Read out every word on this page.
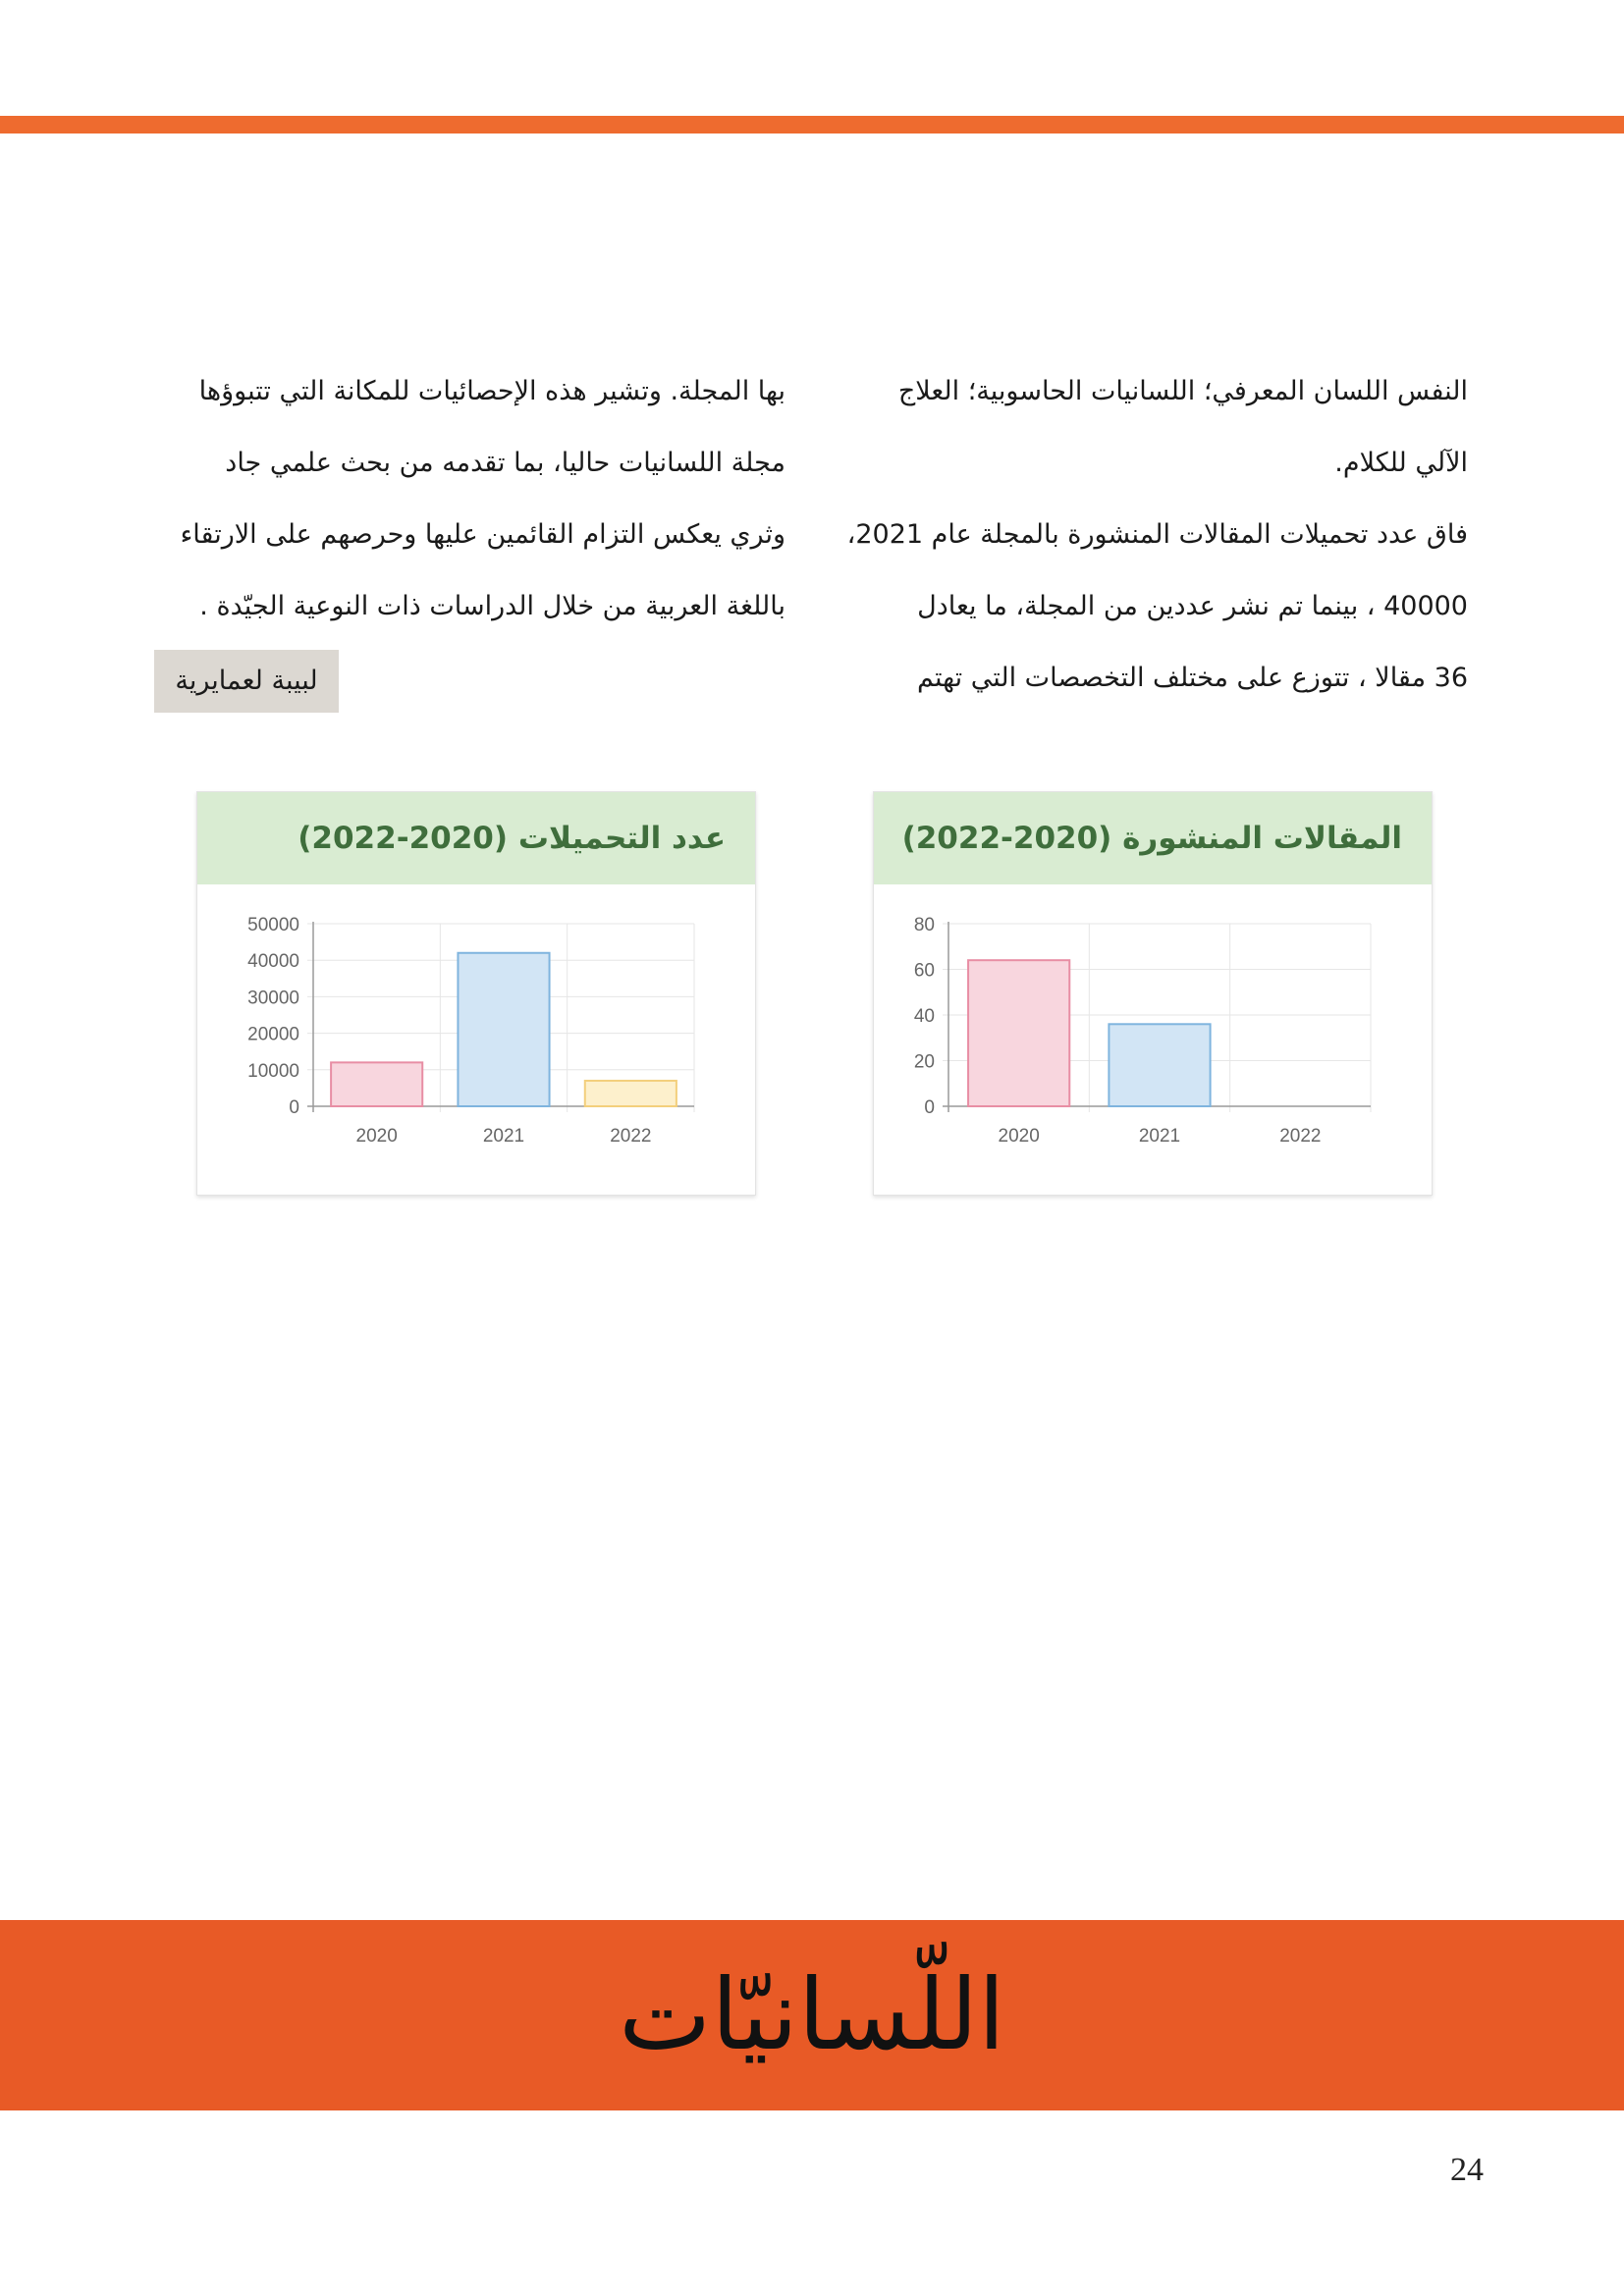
النفس اللسان المعرفي؛ اللسانيات الحاسوبية؛ العلاج

الآلي للكلام.

فاق عدد تحميلات المقالات المنشورة بالمجلة عام 2021،

40000 ، بينما تم نشر عددين من المجلة، ما يعادل

36 مقالا ، تتوزع على مختلف التخصصات التي تهتم

بها المجلة. وتشير هذه الإحصائيات للمكانة التي تتبوؤها

مجلة اللسانيات حاليا، بما تقدمه من بحث علمي جاد

وثري يعكس التزام القائمين عليها وحرصهم على الارتقاء

باللغة العربية من خلال الدراسات ذات النوعية الجيّدة .

لبيبة لعمايرية
عدد التحميلات (2020-2022)
0
10000
20000
30000
40000
50000
2020	2021	2022
المقالات المنشورة (2020-2022)
0
20
40
60
80
2020	2021	2022
اللّسانيّات
24
